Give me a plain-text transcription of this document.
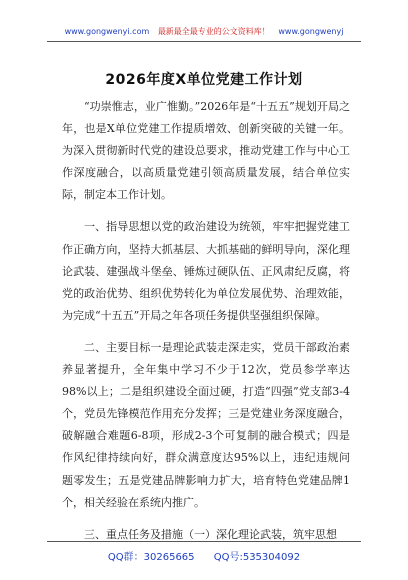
www.gongwenyi.com 最新最全最专业的公文资料库！ www.gongwenyj
2026年度X单位党建工作计划

“功崇惟志，业广惟勤。”2026年是“十五五”规划开局之年，也是X单位党建工作提质增效、创新突破的关键一年。为深入贯彻新时代党的建设总要求，推动党建工作与中心工作深度融合，以高质量党建引领高质量发展，结合单位实际，制定本工作计划。

一、指导思想以党的政治建设为统领，牢牢把握党建工作正确方向，坚持大抓基层、大抓基础的鲜明导向，深化理论武装、建强战斗堡垒、锤炼过硬队伍、正风肃纪反腐，将党的政治优势、组织优势转化为单位发展优势、治理效能，为完成“十五五”开局之年各项任务提供坚强组织保障。

二、主要目标一是理论武装走深走实，党员干部政治素养显著提升，全年集中学习不少于12次，党员参学率达98%以上；二是组织建设全面过硬，打造“四强”党支部3-4个，党员先锋模范作用充分发挥；三是党建业务深度融合，破解融合难题6-8项，形成2-3个可复制的融合模式；四是作风纪律持续向好，群众满意度达95%以上，违纪违规问题零发生；五是党建品牌影响力扩大，培育特色党建品牌1个，相关经验在系统内推广。

三、重点任务及措施（一）深化理论武装，筑牢思想

QQ群：30265665 QQ号:535304092
